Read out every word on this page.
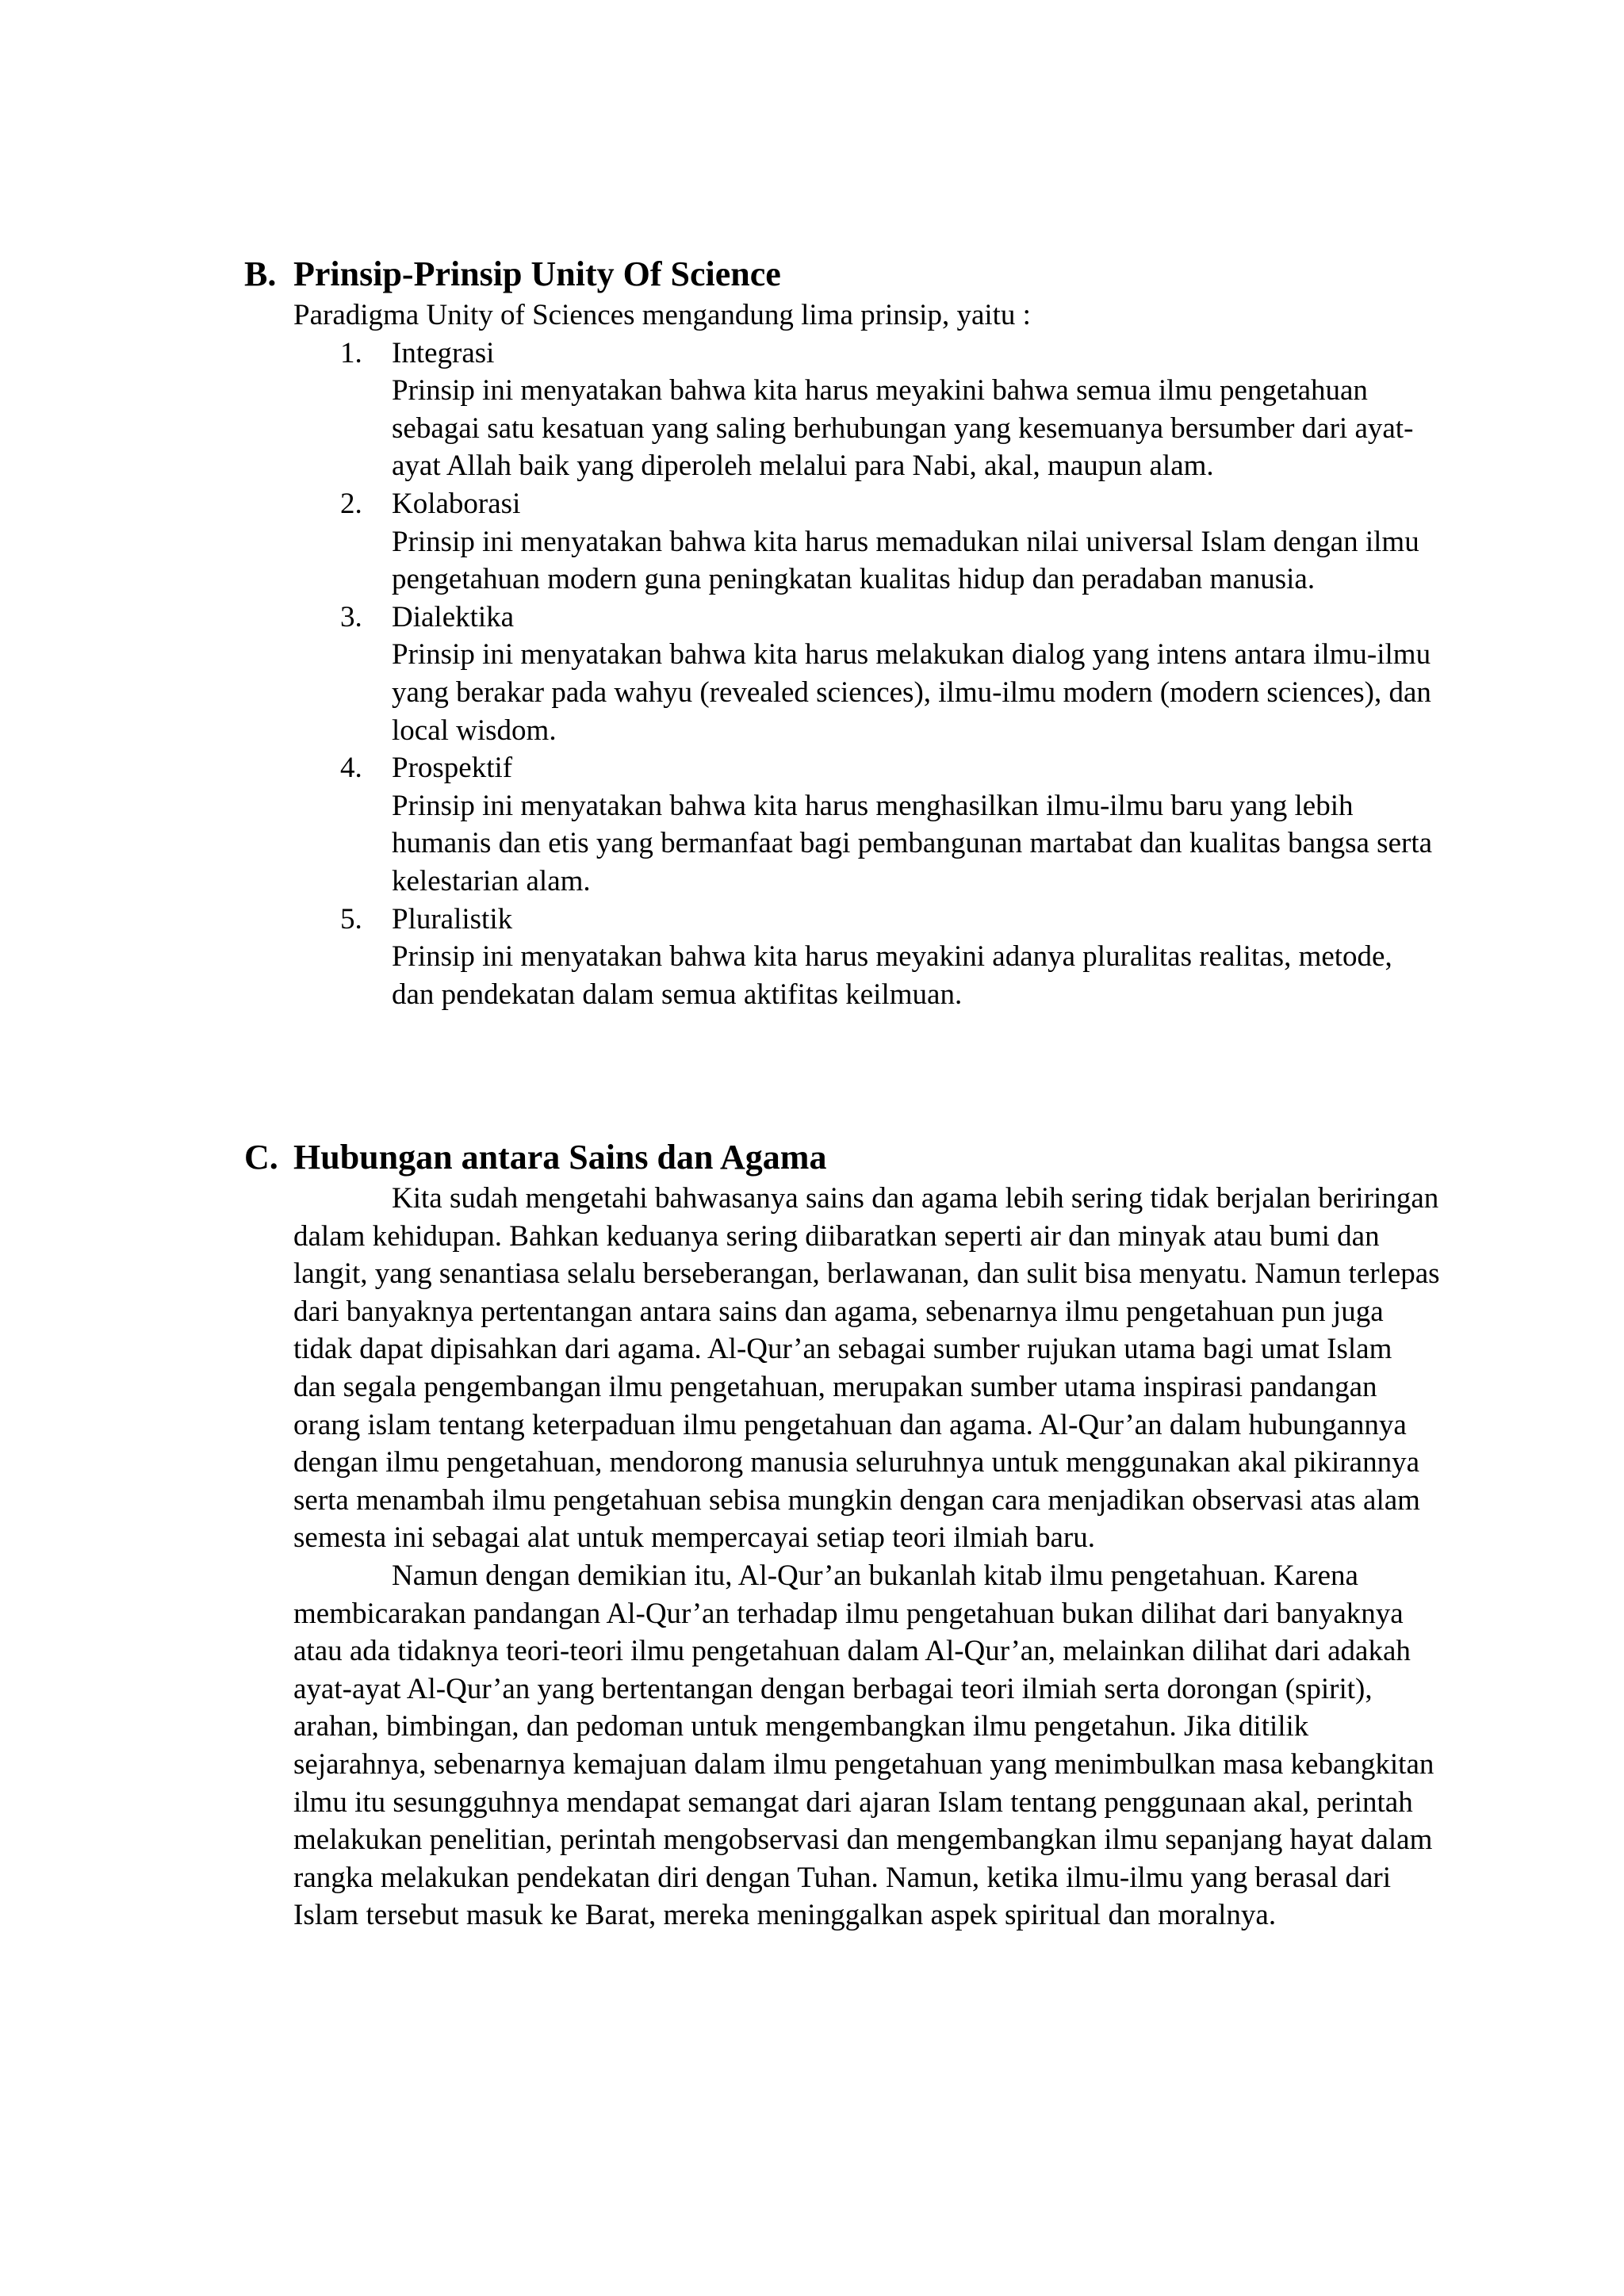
B. Prinsip-Prinsip Unity Of Science

Paradigma Unity of Sciences mengandung lima prinsip, yaitu :

1. Integrasi
Prinsip ini menyatakan bahwa kita harus meyakini bahwa semua ilmu pengetahuan sebagai satu kesatuan yang saling berhubungan yang kesemuanya bersumber dari ayat-ayat Allah baik yang diperoleh melalui para Nabi, akal, maupun alam.
2. Kolaborasi
Prinsip ini menyatakan bahwa kita harus memadukan nilai universal Islam dengan ilmu pengetahuan modern guna peningkatan kualitas hidup dan peradaban manusia.
3. Dialektika
Prinsip ini menyatakan bahwa kita harus melakukan dialog yang intens antara ilmu-ilmu yang berakar pada wahyu (revealed sciences), ilmu-ilmu modern (modern sciences), dan local wisdom.
4. Prospektif
Prinsip ini menyatakan bahwa kita harus menghasilkan ilmu-ilmu baru yang lebih humanis dan etis yang bermanfaat bagi pembangunan martabat dan kualitas bangsa serta kelestarian alam.
5. Pluralistik
Prinsip ini menyatakan bahwa kita harus meyakini adanya pluralitas realitas, metode, dan pendekatan dalam semua aktifitas keilmuan.
C. Hubungan antara Sains dan Agama

Kita sudah mengetahi bahwasanya sains dan agama lebih sering tidak berjalan beriringan dalam kehidupan. Bahkan keduanya sering diibaratkan seperti air dan minyak atau bumi dan langit, yang senantiasa selalu berseberangan, berlawanan, dan sulit bisa menyatu. Namun terlepas dari banyaknya pertentangan antara sains dan agama, sebenarnya ilmu pengetahuan pun juga tidak dapat dipisahkan dari agama. Al-Qur’an sebagai sumber rujukan utama bagi umat Islam dan segala pengembangan ilmu pengetahuan, merupakan sumber utama inspirasi pandangan orang islam tentang keterpaduan ilmu pengetahuan dan agama. Al-Qur’an dalam hubungannya dengan ilmu pengetahuan, mendorong manusia seluruhnya untuk menggunakan akal pikirannya serta menambah ilmu pengetahuan sebisa mungkin dengan cara menjadikan observasi atas alam semesta ini sebagai alat untuk mempercayai setiap teori ilmiah baru.

Namun dengan demikian itu, Al-Qur’an bukanlah kitab ilmu pengetahuan. Karena membicarakan pandangan Al-Qur’an terhadap ilmu pengetahuan bukan dilihat dari banyaknya atau ada tidaknya teori-teori ilmu pengetahuan dalam Al-Qur’an, melainkan dilihat dari adakah ayat-ayat Al-Qur’an yang bertentangan dengan berbagai teori ilmiah serta dorongan (spirit), arahan, bimbingan, dan pedoman untuk mengembangkan ilmu pengetahun. Jika ditilik sejarahnya, sebenarnya kemajuan dalam ilmu pengetahuan yang menimbulkan masa kebangkitan ilmu itu sesungguhnya mendapat semangat dari ajaran Islam tentang penggunaan akal, perintah melakukan penelitian, perintah mengobservasi dan mengembangkan ilmu sepanjang hayat dalam rangka melakukan pendekatan diri dengan Tuhan. Namun, ketika ilmu-ilmu yang berasal dari Islam tersebut masuk ke Barat, mereka meninggalkan aspek spiritual dan moralnya.
